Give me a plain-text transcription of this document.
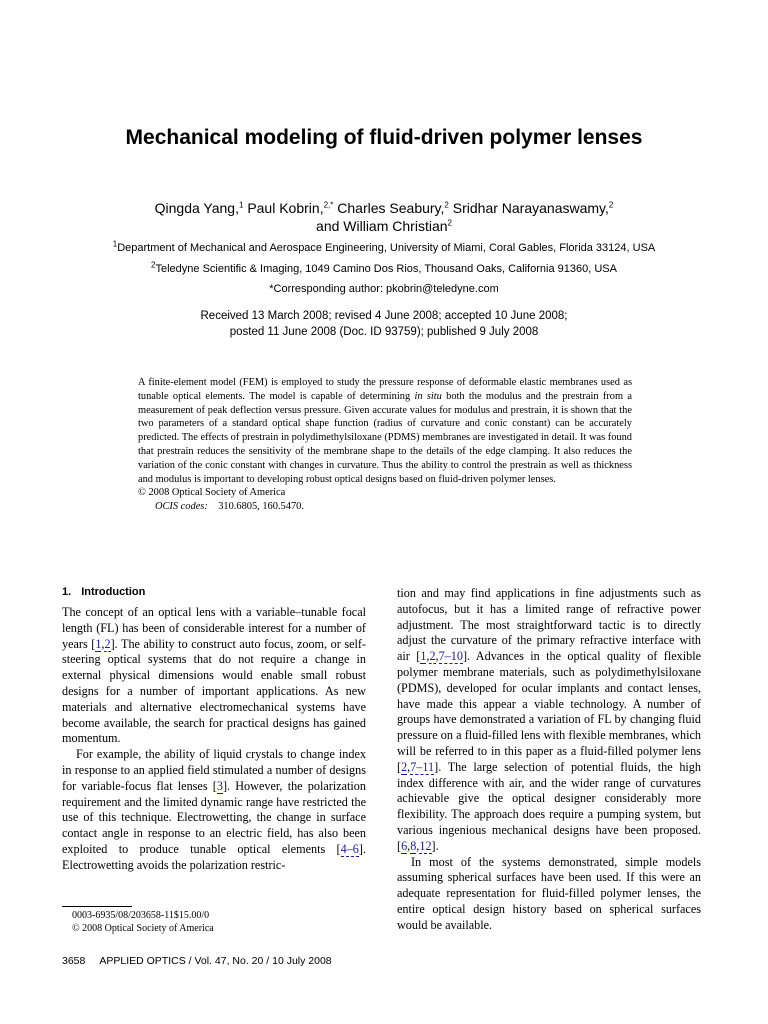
Mechanical modeling of fluid-driven polymer lenses
Qingda Yang,$^1$ Paul Kobrin,$^{2,*}$ Charles Seabury,$^2$ Sridhar Narayanaswamy,$^2$
and William Christian$^2$
$^1$Department of Mechanical and Aerospace Engineering, University of Miami, Coral Gables, Florida 33124, USA
$^2$Teledyne Scientific & Imaging, 1049 Camino Dos Rios, Thousand Oaks, California 91360, USA
*Corresponding author: pkobrin@teledyne.com
Received 13 March 2008; revised 4 June 2008; accepted 10 June 2008;
posted 11 June 2008 (Doc. ID 93759); published 9 July 2008
A finite-element model (FEM) is employed to study the pressure response of deformable elastic membranes used as tunable optical elements. The model is capable of determining in situ both the modulus and the prestrain from a measurement of peak deflection versus pressure. Given accurate values for modulus and prestrain, it is shown that the two parameters of a standard optical shape function (radius of curvature and conic constant) can be accurately predicted. The effects of prestrain in polydimethylsiloxane (PDMS) membranes are investigated in detail. It was found that prestrain reduces the sensitivity of the membrane shape to the details of the edge clamping. It also reduces the variation of the conic constant with changes in curvature. Thus the ability to control the prestrain as well as thickness and modulus is important to developing robust optical designs based on fluid-driven polymer lenses.
© 2008 Optical Society of America
OCIS codes: 310.6805, 160.5470.
1. Introduction

The concept of an optical lens with a variable–tunable focal length (FL) has been of considerable interest for a number of years [1,2]. The ability to construct auto focus, zoom, or self-steering optical systems that do not require a change in external physical dimensions would enable small robust designs for a number of important applications. As new materials and alternative electromechanical systems have become available, the search for practical designs has gained momentum.

For example, the ability of liquid crystals to change index in response to an applied field stimulated a number of designs for variable-focus flat lenses [3]. However, the polarization requirement and the limited dynamic range have restricted the use of this technique. Electrowetting, the change in surface contact angle in response to an electric field, has also been exploited to produce tunable optical elements [4–6]. Electrowetting avoids the polarization restric-

tion and may find applications in fine adjustments such as autofocus, but it has a limited range of refractive power adjustment. The most straightforward tactic is to directly adjust the curvature of the primary refractive interface with air [1,2,7–10]. Advances in the optical quality of flexible polymer membrane materials, such as polydimethylsiloxane (PDMS), developed for ocular implants and contact lenses, have made this appear a viable technology. A number of groups have demonstrated a variation of FL by changing fluid pressure on a fluid-filled lens with flexible membranes, which will be referred to in this paper as a fluid-filled polymer lens [2,7–11]. The large selection of potential fluids, the high index difference with air, and the wider range of curvatures achievable give the optical designer considerably more flexibility. The approach does require a pumping system, but various ingenious mechanical designs have been proposed. [6,8,12].

In most of the systems demonstrated, simple models assuming spherical surfaces have been used. If this were an adequate representation for fluid-filled polymer lenses, the entire optical design history based on spherical surfaces would be available.

0003-6935/08/203658-11$15.00/0
© 2008 Optical Society of America
3658 APPLIED OPTICS / Vol. 47, No. 20 / 10 July 2008
